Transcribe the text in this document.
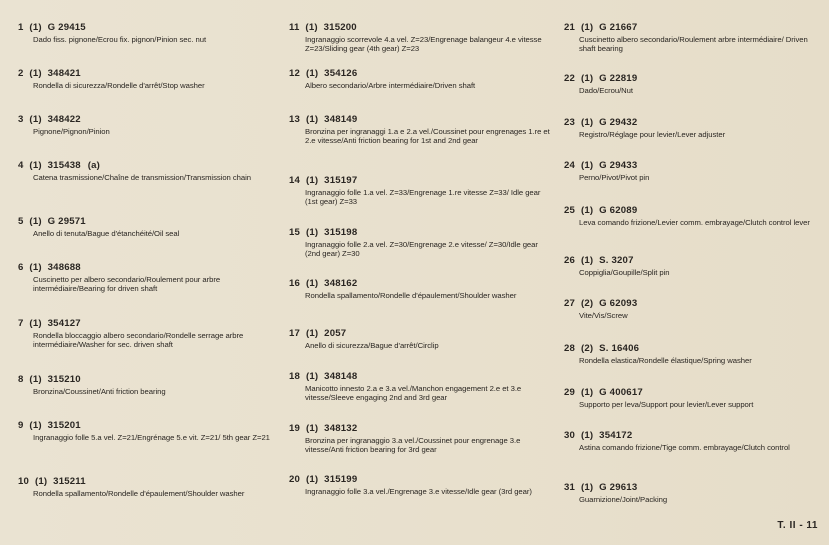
1 (1) G 29415
Dado fiss. pignone/Ecrou fix. pignon/Pinion sec. nut
2 (1) 348421
Rondella di sicurezza/Rondelle d'arrêt/Stop washer
3 (1) 348422
Pignone/Pignon/Pinion
4 (1) 315438 (a)
Catena trasmissione/Chaîne de transmission/Transmission chain
5 (1) G 29571
Anello di tenuta/Bague d'étanchéité/Oil seal
6 (1) 348688
Cuscinetto per albero secondario/Roulement pour arbre intermédiaire/Bearing for driven shaft
7 (1) 354127
Rondella bloccaggio albero secondario/Rondelle serrage arbre intermédiaire/Washer for sec. driven shaft
8 (1) 315210
Bronzina/Coussinet/Anti friction bearing
9 (1) 315201
Ingranaggio folle 5.a vel. Z=21/Engrénage 5.e vit. Z=21/ 5th gear Z=21
10 (1) 315211
Rondella spallamento/Rondelle d'épaulement/Shoulder washer
11 (1) 315200
Ingranaggio scorrevole 4.a vel. Z=23/Engrenage balangeur 4.e vitesse Z=23/Sliding gear (4th gear) Z=23
12 (1) 354126
Albero secondario/Arbre intermédiaire/Driven shaft
13 (1) 348149
Bronzina per ingranaggi 1.a e 2.a vel./Coussinet pour engrenages 1.re et 2.e vitesse/Anti friction bearing for 1st and 2nd gear
14 (1) 315197
Ingranaggio folle 1.a vel. Z=33/Engrenage 1.re vitesse Z=33/ Idle gear (1st gear) Z=33
15 (1) 315198
Ingranaggio folle 2.a vel. Z=30/Engrenage 2.e vitesse/ Z=30/Idle gear (2nd gear) Z=30
16 (1) 348162
Rondella spallamento/Rondelle d'épaulement/Shoulder washer
17 (1) 2057
Anello di sicurezza/Bague d'arrêt/Circlip
18 (1) 348148
Manicotto innesto 2.a e 3.a vel./Manchon engagement 2.e et 3.e vitesse/Sleeve engaging 2nd and 3rd gear
19 (1) 348132
Bronzina per ingranaggio 3.a vel./Coussinet pour engrenage 3.e vitesse/Anti friction bearing for 3rd gear
20 (1) 315199
Ingranaggio folle 3.a vel./Engrenage 3.e vitesse/Idle gear (3rd gear)
21 (1) G 21667
Cuscinetto albero secondario/Roulement arbre intermédiaire/ Driven shaft bearing
22 (1) G 22819
Dado/Ecrou/Nut
23 (1) G 29432
Registro/Réglage pour levier/Lever adjuster
24 (1) G 29433
Perno/Pivot/Pivot pin
25 (1) G 62089
Leva comando frizione/Levier comm. embrayage/Clutch control lever
26 (1) S. 3207
Coppiglia/Goupille/Split pin
27 (2) G 62093
Vite/Vis/Screw
28 (2) S. 16406
Rondella elastica/Rondelle élastique/Spring washer
29 (1) G 400617
Supporto per leva/Support pour levier/Lever support
30 (1) 354172
Astina comando frizione/Tige comm. embrayage/Clutch control
31 (1) G 29613
Guarnizione/Joint/Packing
T. II - 11
